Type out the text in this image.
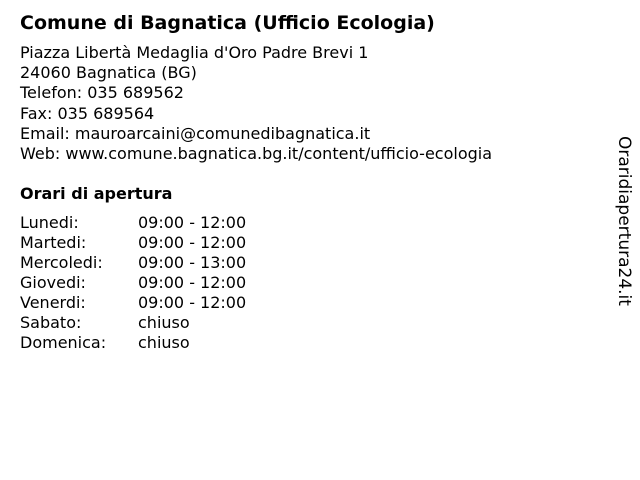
Comune di Bagnatica (Ufficio Ecologia)
Piazza Libertà Medaglia d'Oro Padre Brevi 1
24060 Bagnatica (BG)
Telefon: 035 689562
Fax: 035 689564
Email: mauroarcaini@comunedibagnatica.it
Web: www.comune.bagnatica.bg.it/content/ufficio-ecologia
Orari di apertura
Lunedi:	09:00 - 12:00
Martedi:	09:00 - 12:00
Mercoledi: 09:00 - 13:00
Giovedi:	09:00 - 12:00
Venerdi:	09:00 - 12:00
Sabato:	chiuso
Domenica: chiuso
Oraridiapertura24.it
